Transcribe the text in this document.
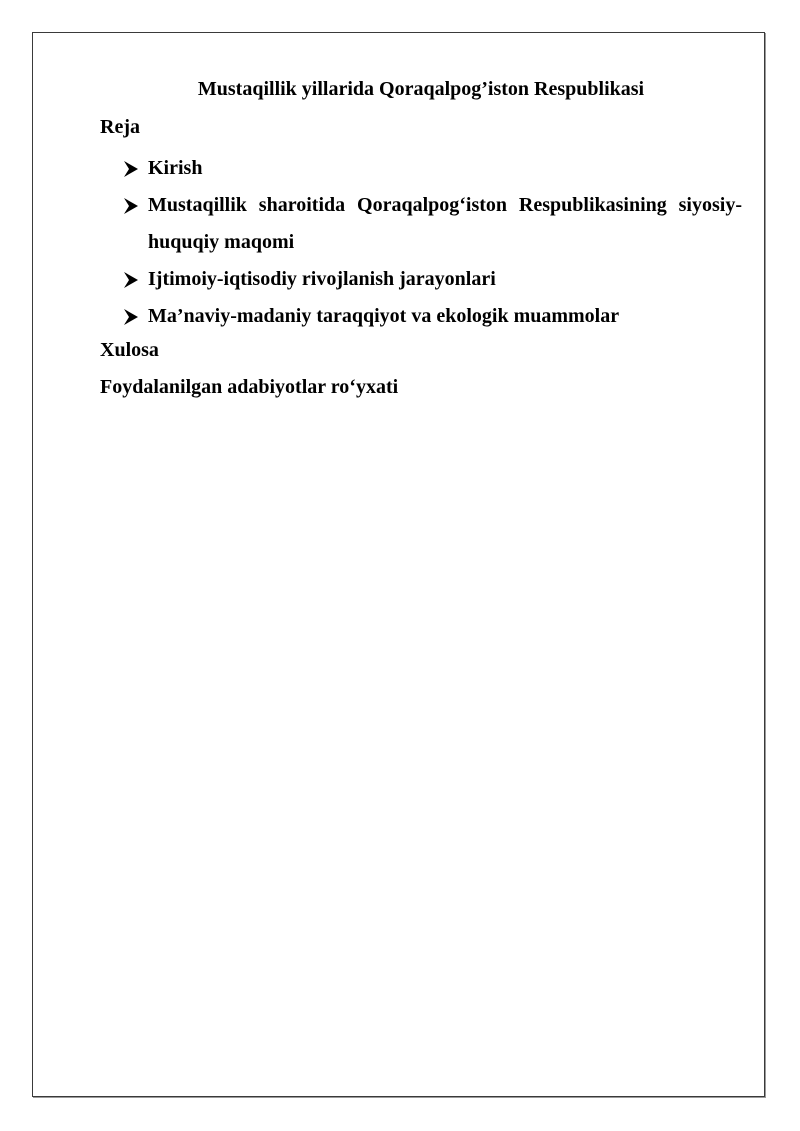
Mustaqillik yillarida Qoraqalpog’iston Respublikasi
Reja
Kirish
Mustaqillik sharoitida Qoraqalpog‘iston Respublikasining siyosiy-huquqiy maqomi
Ijtimoiy-iqtisodiy rivojlanish jarayonlari
Ma’naviy-madaniy taraqqiyot va ekologik muammolar
Xulosa
Foydalanilgan adabiyotlar ro‘yxati
